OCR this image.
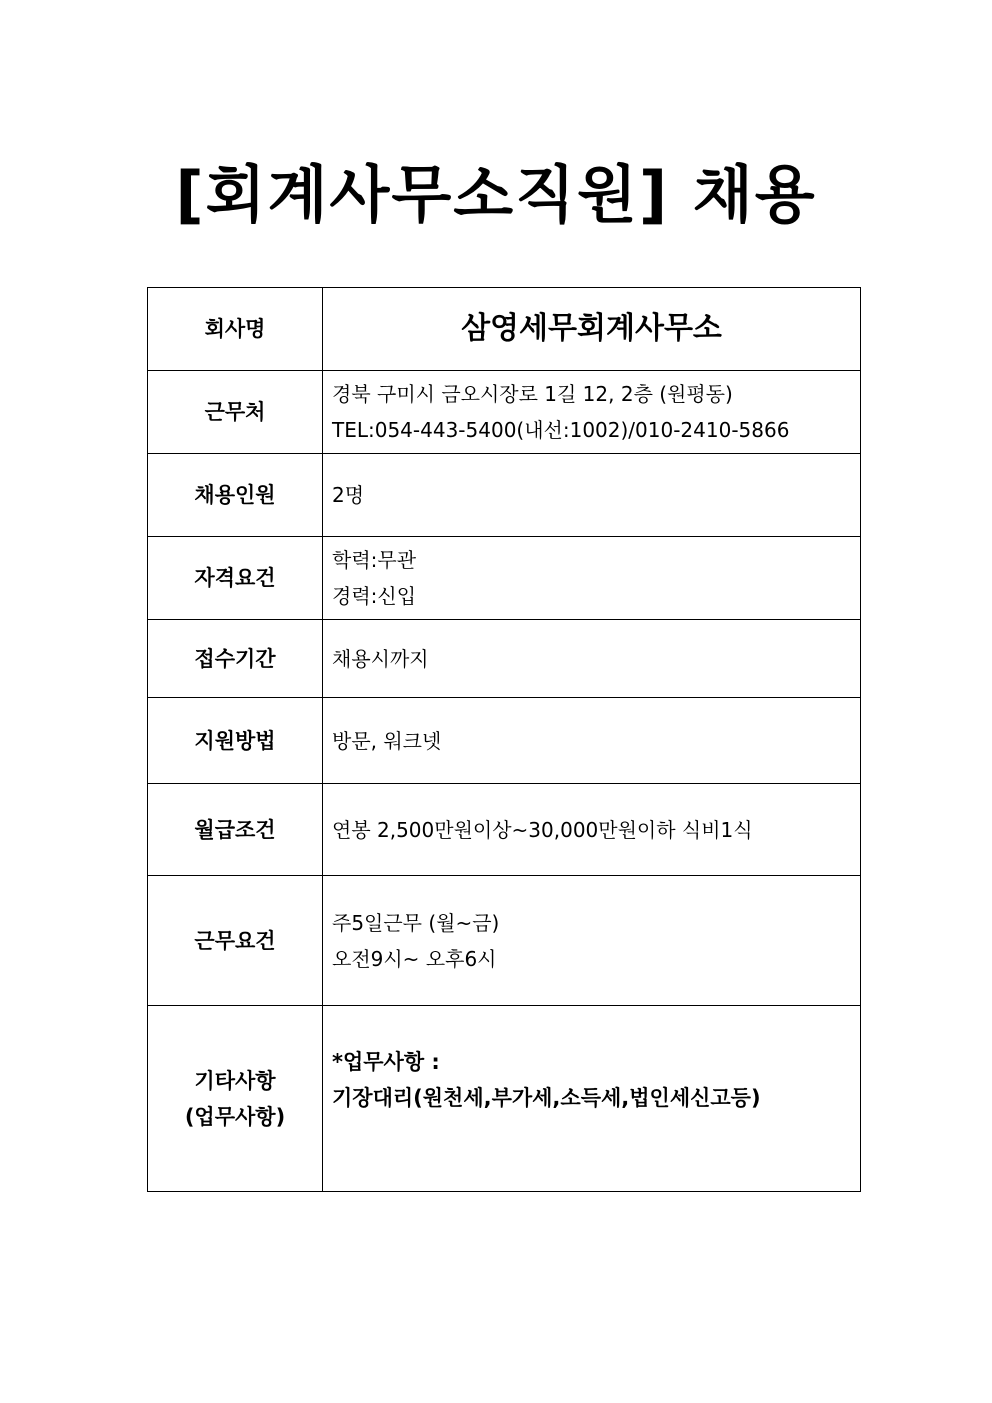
[회계사무소직원] 채용
회사명	삼영세무회계사무소

근무처	경북 구미시 금오시장로 1길 12, 2층 (원평동)
TEL:054-443-5400(내선:1002)/010-2410-5866

채용인원	2명

자격요건	학력:무관
경력:신입

접수기간	채용시까지

지원방법	방문, 워크넷

월급조건	연봉 2,500만원이상~30,000만원이하 식비1식

근무요건	주5일근무 (월~금)
오전9시~ 오후6시

기타사항
(업무사항)	*업무사항 :
기장대리(원천세,부가세,소득세,법인세신고등)
